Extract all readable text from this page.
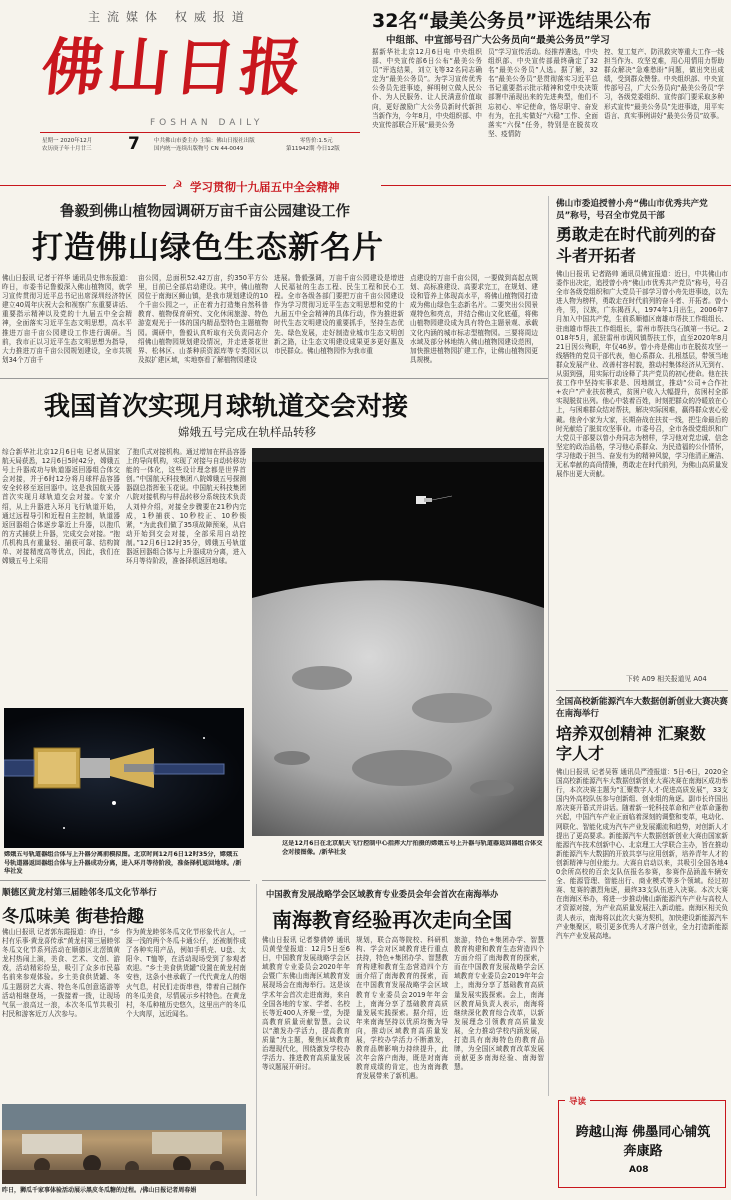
主流媒体 权威报道
佛山日报
FOSHAN DAILY
星期一 2020年12月
农历庚子年十月廿三 7	中共佛山市委主办 主编：佛山日报社出版
国内统一连续出版物号 CN 44-0049
零售价:1.5元
第11942期 今日12版
32名“最美公务员”评选结果公布
中组部、中宣部号召广大公务员向“最美公务员”学习
据新华社北京12月6日电 中央组织部、中央宣传部6日公布“最美公务员”评选结果，刘立飞等32名同志确定为“最美公务员”。为学习宣传优秀公务员先进事迹，鲜明树立做人民公仆、为人民服务、让人民满意价值取向，更好激励广大公务员新时代新担当新作为，今年8月，中央组织部、中央宣传部联合开展“最美公务
员”学习宣传活动。经推荐遴选，中央组织部、中央宣传部最终确定了32名“最美公务员”人选。据了解，32名“最美公务员”是贯彻落实习近平总书记重要指示批示精神和党中央决策部署中涌现出来的先进典型，他们不忘初心、牢记使命，恪尽职守、奋发有为，在扎实做好“六稳”工作、全面落实“六保”任务，特别是在脱贫攻坚、疫情防
控、复工复产、防汛救灾等重大工作一线担当作为、攻坚克难，用心用情用力帮助群众解决“急难愁盼”问题，做出突出成绩，受到群众赞誉。中央组织部、中央宣传部号召，广大公务员向“最美公务员”学习，各级党委组织、宣传部门要采取多种形式宣传“最美公务员”先进事迹，用平实语言、真实事例讲好“最美公务员”故事。
☭ 学习贯彻十九届五中全会精神
鲁毅到佛山植物园调研万亩千亩公园建设工作
打造佛山绿色生态新名片
佛山日报讯 记者于祥华 通讯员史伟东报道：昨日，市委书记鲁毅深入佛山植物园，就学习宣传贯彻习近平总书记出席深圳经济特区建立40周年庆祝大会和视察广东重要讲话、重要指示精神以及党的十九届五中全会精神，全面落实习近平生态文明思想，高水平推进万亩千亩公园建设工作进行调研。当前，我市正以习近平生态文明思想为指导，大力推进万亩千亩公园规划建设，全市共规划34个万亩千
亩公园，总面积52.42万亩，约350平方公里，目前已全部启动建设。其中，佛山植物园位于南海区狮山镇，是我市规划建设的10个千亩公园之一，正在着力打造集自然科普教育、植物保育研究、文化休闲旅游、特色游览观光于一体的国内精品型特色主题植物园。调研中，鲁毅认真听取有关负责同志介绍佛山植物园规划建设情况，并走进茶花世界、松林区、山茶种质资源库等专类园区以及拟扩建区域，实地察看了解植物园建设
进展。鲁毅强调，万亩千亩公园建设是增进人民福祉的生态工程、民生工程和民心工程。全市各级各部门要把万亩千亩公园建设作为学习贯彻习近平生态文明思想和党的十九届五中全会精神的具体行动，作为推进新时代生态文明建设的重要抓手，坚持生态优先、绿色发展，走好制造业城市生态文明创新之路，让生态文明建设成果更多更好惠及市民群众。佛山植物园作为我市重
点建设的万亩千亩公园，一要做到高起点规划、高标准建设、高要求完工，在规划、建设和管养上体现高水平，将佛山植物园打造成为佛山绿色生态新名片。二要突出公园景观特色和亮点，并结合佛山文化底蕴，将佛山植物园建设成为具有特色主题景观、承载文化内涵的城市标志型植物园。三要将周边水域及部分林地纳入佛山植物园建设范围，加快推进植物园扩建工作，让佛山植物园更具规模。
佛山市委追授曾小舟“佛山市优秀共产党员”称号，号召全市党员干部
勇敢走在时代前列的奋斗者开拓者
佛山日报讯 记者路帅 通讯员佛宣报道：近日，中共佛山市委作出决定，追授曾小舟“佛山市优秀共产党员”称号，号召全市各级党组织和广大党员干部学习曾小舟先进事迹，以先进人物为榜样，勇敢走在时代前列的奋斗者、开拓者。曾小舟，男，汉族，广东揭西人，1974年1月出生，2006年7月加入中国共产党，生前系顺德区南雄市帮扶工作组组长、驻南雄市帮扶工作组组长，雷州市帮扶乌石镇第一书记。2018年5月，派驻雷州市调风镇帮扶工作，直至2020年8月21日因公殉职，年仅46岁。曾小舟是佛山市在脱贫攻坚一线牺牲的党员干部代表，他心系群众、扎根基层，带领当地群众发展产业、改善村容村貌，推动村集体经济从无到有、从弱到强，用实际行动诠释了共产党员的初心使命。他在扶贫工作中坚持实事求是、因地制宜，推动“公司+合作社+农户”产业扶贫模式，贫困户收入大幅提升，贫困村全部实现脱贫出列。他心中装着百姓，时刻把群众的冷暖放在心上，与困难群众结对帮扶，解决实际困难，赢得群众衷心爱戴。他舍小家为大家，长期奋战在扶贫一线，把生命最后的时光献给了脱贫攻坚事业。市委号召，全市各级党组织和广大党员干部要以曾小舟同志为榜样，学习他对党忠诚、信念坚定的政治品格，学习他心系群众、为民造福的公仆情怀，学习他敢于担当、奋发有为的精神风貌，学习他清正廉洁、无私奉献的高尚情操，勇敢走在时代前列，为佛山高质量发展作出更大贡献。
下转 A09 相关报道见 A04
我国首次实现月球轨道交会对接
嫦娥五号完成在轨样品转移
综合新华社北京12月6日电 记者从国家航天局获悉，12月6日5时42分，嫦娥五号上升器成功与轨道器返回器组合体交会对接，并于6时12分将月球样品容器安全转移至返回器中。这是我国航天器首次实现月球轨道交会对接。专家介绍，从上升器进入环月飞行轨道开始，通过远程导引和近程自主控制，轨道器返回器组合体逐步靠近上升器，以抱爪的方式捕获上升器，完成交会对接。“抱爪机构具有重量轻、捕获可靠、结构简单、对接精度高等优点，因此，我们在嫦娥五号上采用
了抱爪式对接机构。通过增加在样品容器上的导向机构，实现了对接与自动转移功能的一体化，这些设计理念都是世界首创。”中国航天科技集团八院嫦娥五号探测器副总指挥张玉花说。中国航天科技集团八院对接机构与样品转移分系统技术负责人刘仲介绍，对接全步骤要在21秒内完成，1秒捕获、10秒校正、10秒锁紧，“为此我们做了35项故障预案，从启动开始到交会对接，全部采用自动控制。”12月6日12时35分，嫦娥五号轨道器返回器组合体与上升器成功分离，进入环月等待阶段，准备择机返回地球。
嫦娥五号轨道器组合体与上升器分离前模拟图。北京时间12月6日12时35分，嫦娥五号轨道器返回器组合体与上升器成功分离，进入环月等待阶段，准备择机返回地球。/新华社发
这是12月6日在北京航天飞行控制中心指挥大厅拍摄的嫦娥五号上升器与轨道器返回器组合体交会对接图像。/新华社发
全国高校新能源汽车大数据创新创业大赛决赛在南海举行
培养双创精神 汇聚数字人才
佛山日报讯 记者吴蓉 通讯员严滢报道：5日-6日，2020全国高校新能源汽车大数据创新创业大赛决赛在南海区成功举行，本次决赛主题为“汇聚数字人才·促进高质发展”，33支国内外高校队伍参与创新组、创业组的角逐。副市长许国出席决赛开幕式并讲话。随着新一轮科技革命和产业革命蓬勃兴起，中国汽车产业正面临着深刻的调整和变革，电动化、网联化、智能化成为汽车产业发展潮流和趋势，对创新人才提出了更高要求。新能源汽车大数据创新创业大赛由国家新能源汽车技术创新中心、北京理工大学联合主办，旨在推动新能源汽车大数据的开放共享与应用创新，培养青年人才的创新精神与创业能力。大赛自启动以来，共吸引全国各地40余所高校的百余支队伍报名参赛，参赛作品涵盖车辆安全、能源管理、智能出行、商业模式等多个领域。经过初赛、复赛的激烈角逐，最终33支队伍进入决赛。本次大赛在南海区举办，将进一步推动佛山新能源汽车产业与高校人才资源对接，为产业高质量发展注入新动能。南海区相关负责人表示，南海将以此次大赛为契机，加快建设新能源汽车产业集聚区，吸引更多优秀人才落户创业，全力打造新能源汽车产业发展高地。
导读
跨越山海 佛墨同心铺筑奔康路
A08
顺德区黄龙村第三届睦邻冬瓜文化节举行
冬瓜味美 街巷拾趣
佛山日报讯 记者郭东霞报道：昨日，“乡村有乐事·黄龙喜传承”黄龙村第三届睦邻冬瓜文化节系列活动在顺德区北滘镇黄龙村热闹上演，美食、艺术、文创、游戏，活动精彩纷呈，吸引了众多市民慕名前来参观体验。乡土美食供货罐、冬瓜主题厨艺大赛、特色冬瓜创意巡游等活动相继登场，一拨接着一拨，让现场气氛一浪高过一浪，本次冬瓜节共吸引村民和游客近万人次参与。
作为黄龙睦邻冬瓜文化节形象代言人，一深一浅的两个冬瓜卡通公仔，还被制作成了各种实用产品，例如手机壳、U盘、太阳伞、T恤等，在活动现场受到了参观者欢迎。“乡土美食供货罐”设置在黄龙村南安巷，这条小巷承载了一代代黄龙人的烟火气息，村民们走街串巷，带着自己制作的冬瓜美食，尽情展示乡村特色。在黄龙村，冬瓜种植历史悠久，这里出产的冬瓜个大肉厚，远近闻名。
昨日，狮瓜千家事体验活动展示黑皮冬瓜糖的过程。/佛山日报记者周春娟
中国教育发展战略学会区域教育专业委员会年会首次在南海举办
南海教育经验再次走向全国
佛山日报讯 记者黎倩婷 通讯员黄莹莹报道：12月5日至6日，中国教育发展战略学会区域教育专业委员会2020年年会暨广东佛山南海区域教育发展现场会在南海举行。这是该学术年会首次走进南海，来自全国各地的专家、学者、名校长等近400人齐聚一堂，为提高教育质量贡献智慧。会议以“激发办学活力，提高教育质量”为主题，聚焦区域教育治理现代化，围绕激发学校办学活力、推进教育高质量发展等议题展开研讨。
规划，联合高等院校、科研机构、学会对区域教育进行重点扶持，特色+集团办学、智慧教育构建和教育生态营造四个方面介绍了南海教育的探索，而在中国教育发展战略学会区域教育专业委员会2019年年会上，南海分享了基础教育高质量发展实践探索。据介绍，近年来南海坚持以优质均衡为导向，推动区域教育高质量发展，学校办学活力不断激发，教育品牌影响力持续提升，此次年会落户南海，既是对南海教育成绩的肯定，也为南海教育发展带来了新机遇。
旅游，特色+集团办学、智慧教育构建和教育生态营造四个方面介绍了南海教育的探索，而在中国教育发展战略学会区域教育专业委员会2019年年会上，南海分享了基础教育高质量发展实践探索。会上，南海区教育局负责人表示，南海将继续深化教育综合改革，以新发展理念引领教育高质量发展，全力推动学校内涵发展，打造具有南海特色的教育品牌，为全国区域教育改革发展贡献更多南海经验、南海智慧。
